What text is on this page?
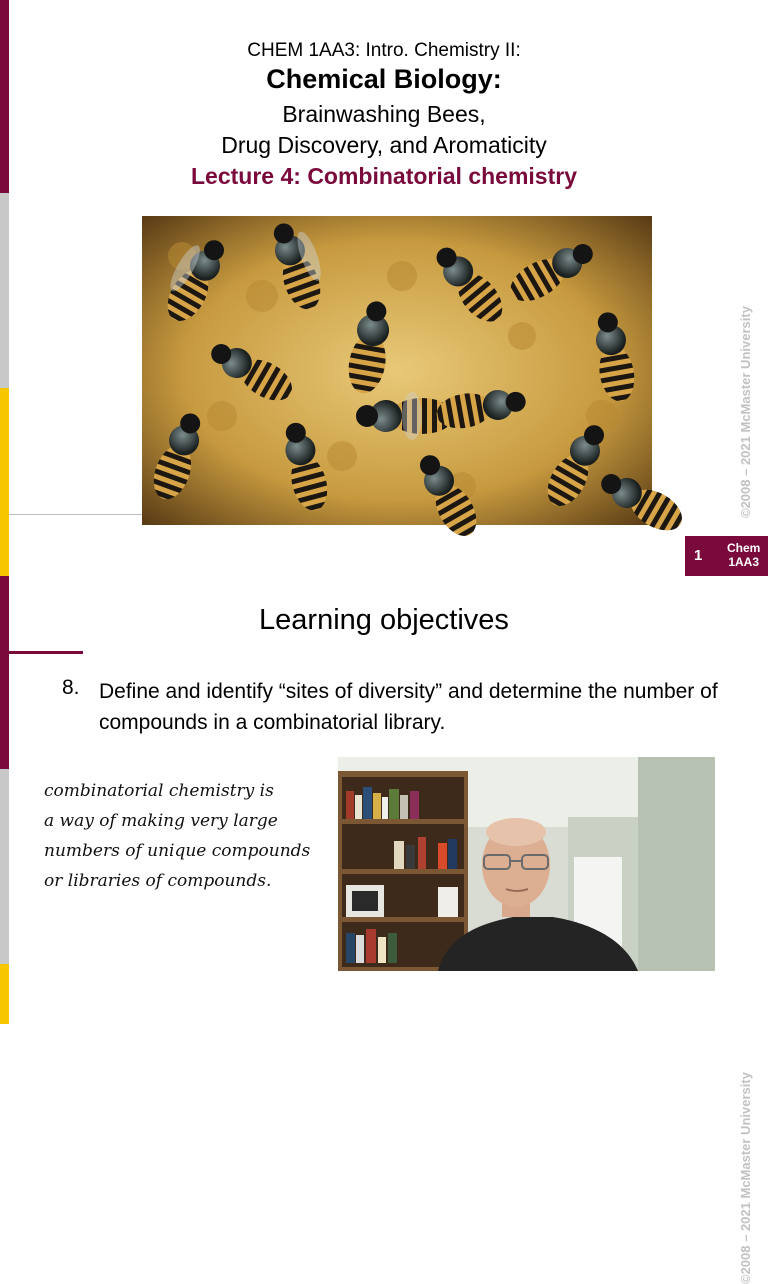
CHEM 1AA3: Intro. Chemistry II:
Chemical Biology:
Brainwashing Bees,
Drug Discovery, and Aromaticity
Lecture 4: Combinatorial chemistry
©2008 – 2021 McMaster University
1 Chem
1AA3
Learning objectives
8. Define and identify “sites of diversity” and determine the number of compounds in a combinatorial library.
combinatorial chemistry is
a way of making very large
numbers of unique compounds
or libraries of compounds.
©2008 – 2021 McMaster University
